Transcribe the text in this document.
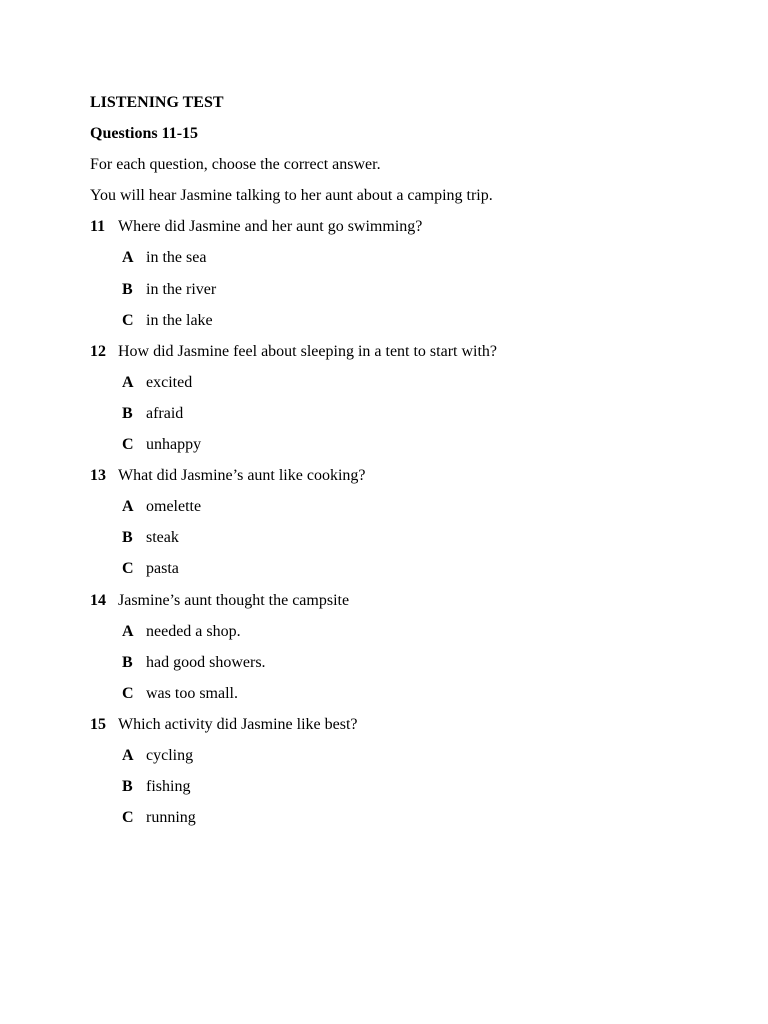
LISTENING TEST
Questions 11-15
For each question, choose the correct answer.
You will hear Jasmine talking to her aunt about a camping trip.
11 Where did Jasmine and her aunt go swimming?
A in the sea
B in the river
C in the lake
12 How did Jasmine feel about sleeping in a tent to start with?
A excited
B afraid
C unhappy
13 What did Jasmine’s aunt like cooking?
A omelette
B steak
C pasta
14 Jasmine’s aunt thought the campsite
A needed a shop.
B had good showers.
C was too small.
15 Which activity did Jasmine like best?
A cycling
B fishing
C running
